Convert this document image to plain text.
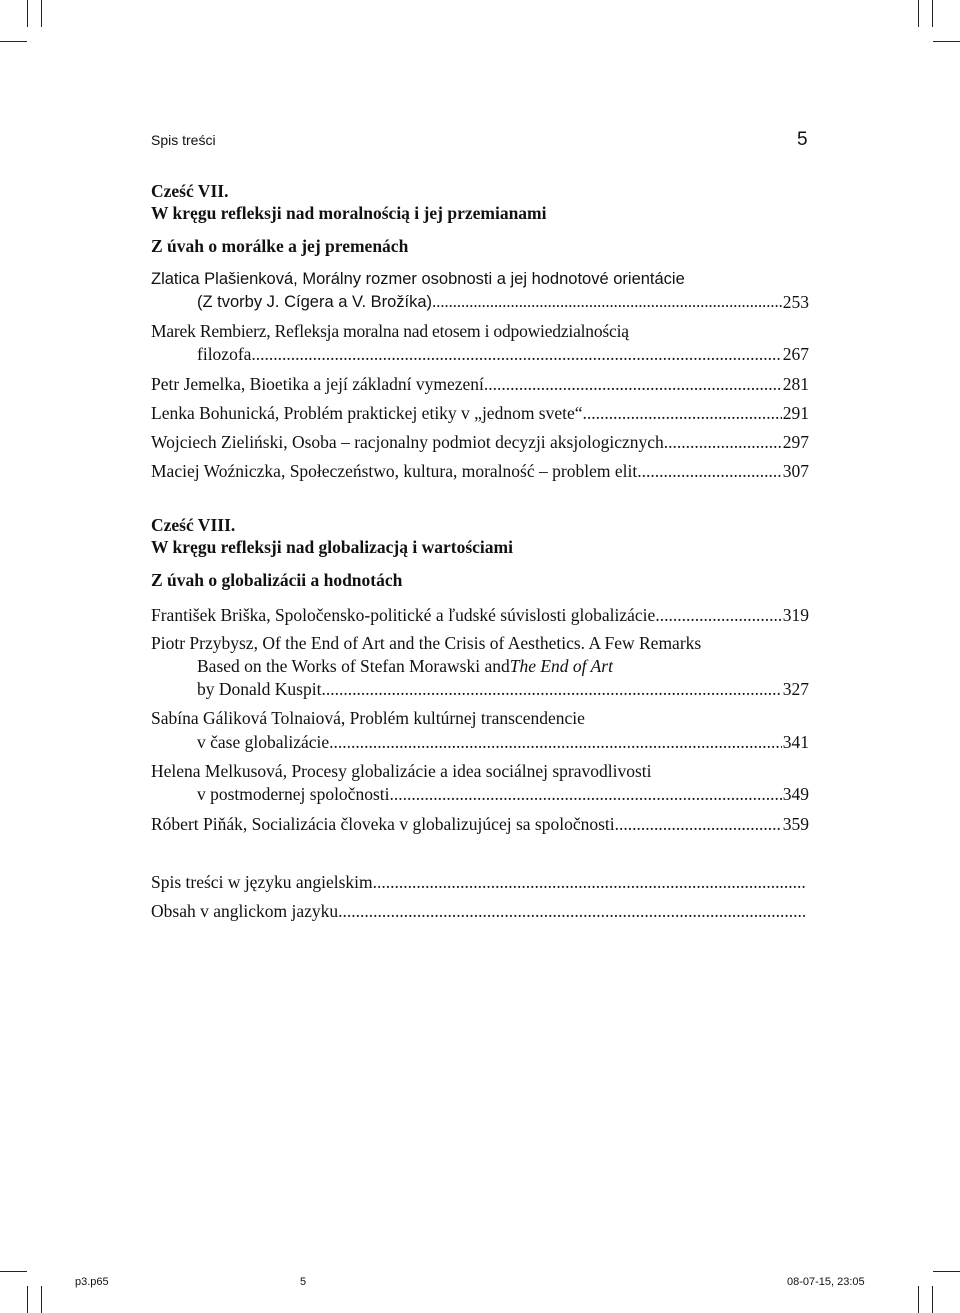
Spis treści	5
Cześć VII.
W kręgu refleksji nad moralnością i jej przemianami
Z úvah o morálke a jej premenách
Zlatica Plašienková, Morálny rozmer osobnosti a jej hodnotové orientácie
(Z tvorby J. Cígera a V. Brožíka) .....	253
Marek Rembierz, Refleksja moralna nad etosem i odpowiedzialnością
filozofa .....	267
Petr Jemelka, Bioetika a její základní vymezení .....	281
Lenka Bohunická, Problém praktickej etiky v „jednom svete“ .....	291
Wojciech Zieliński, Osoba – racjonalny podmiot decyzji aksjologicznych .....	297
Maciej Woźniczka, Społeczeństwo, kultura, moralność – problem elit .....	307
Cześć VIII.
W kręgu refleksji nad globalizacją i wartościami
Z úvah o globalizácii a hodnotách
František Briška, Spoločensko-politické a ľudské súvislosti globalizácie .....	319
Piotr Przybysz, Of the End of Art and the Crisis of Aesthetics. A Few Remarks
Based on the Works of Stefan Morawski and The End of Art
by Donald Kuspit .....	327
Sabína Gáliková Tolnaiová, Problém kultúrnej transcendencie
v čase globalizácie .....	341
Helena Melkusová, Procesy globalizácie a idea sociálnej spravodlivosti
v postmodernej spoločnosti .....	349
Róbert Piňák, Socializácia človeka v globalizujúcej sa spoločnosti .....	359
Spis treści w języku angielskim
.....
Obsah v anglickom jazyku
.....
p3.p65	5	08-07-15, 23:05
